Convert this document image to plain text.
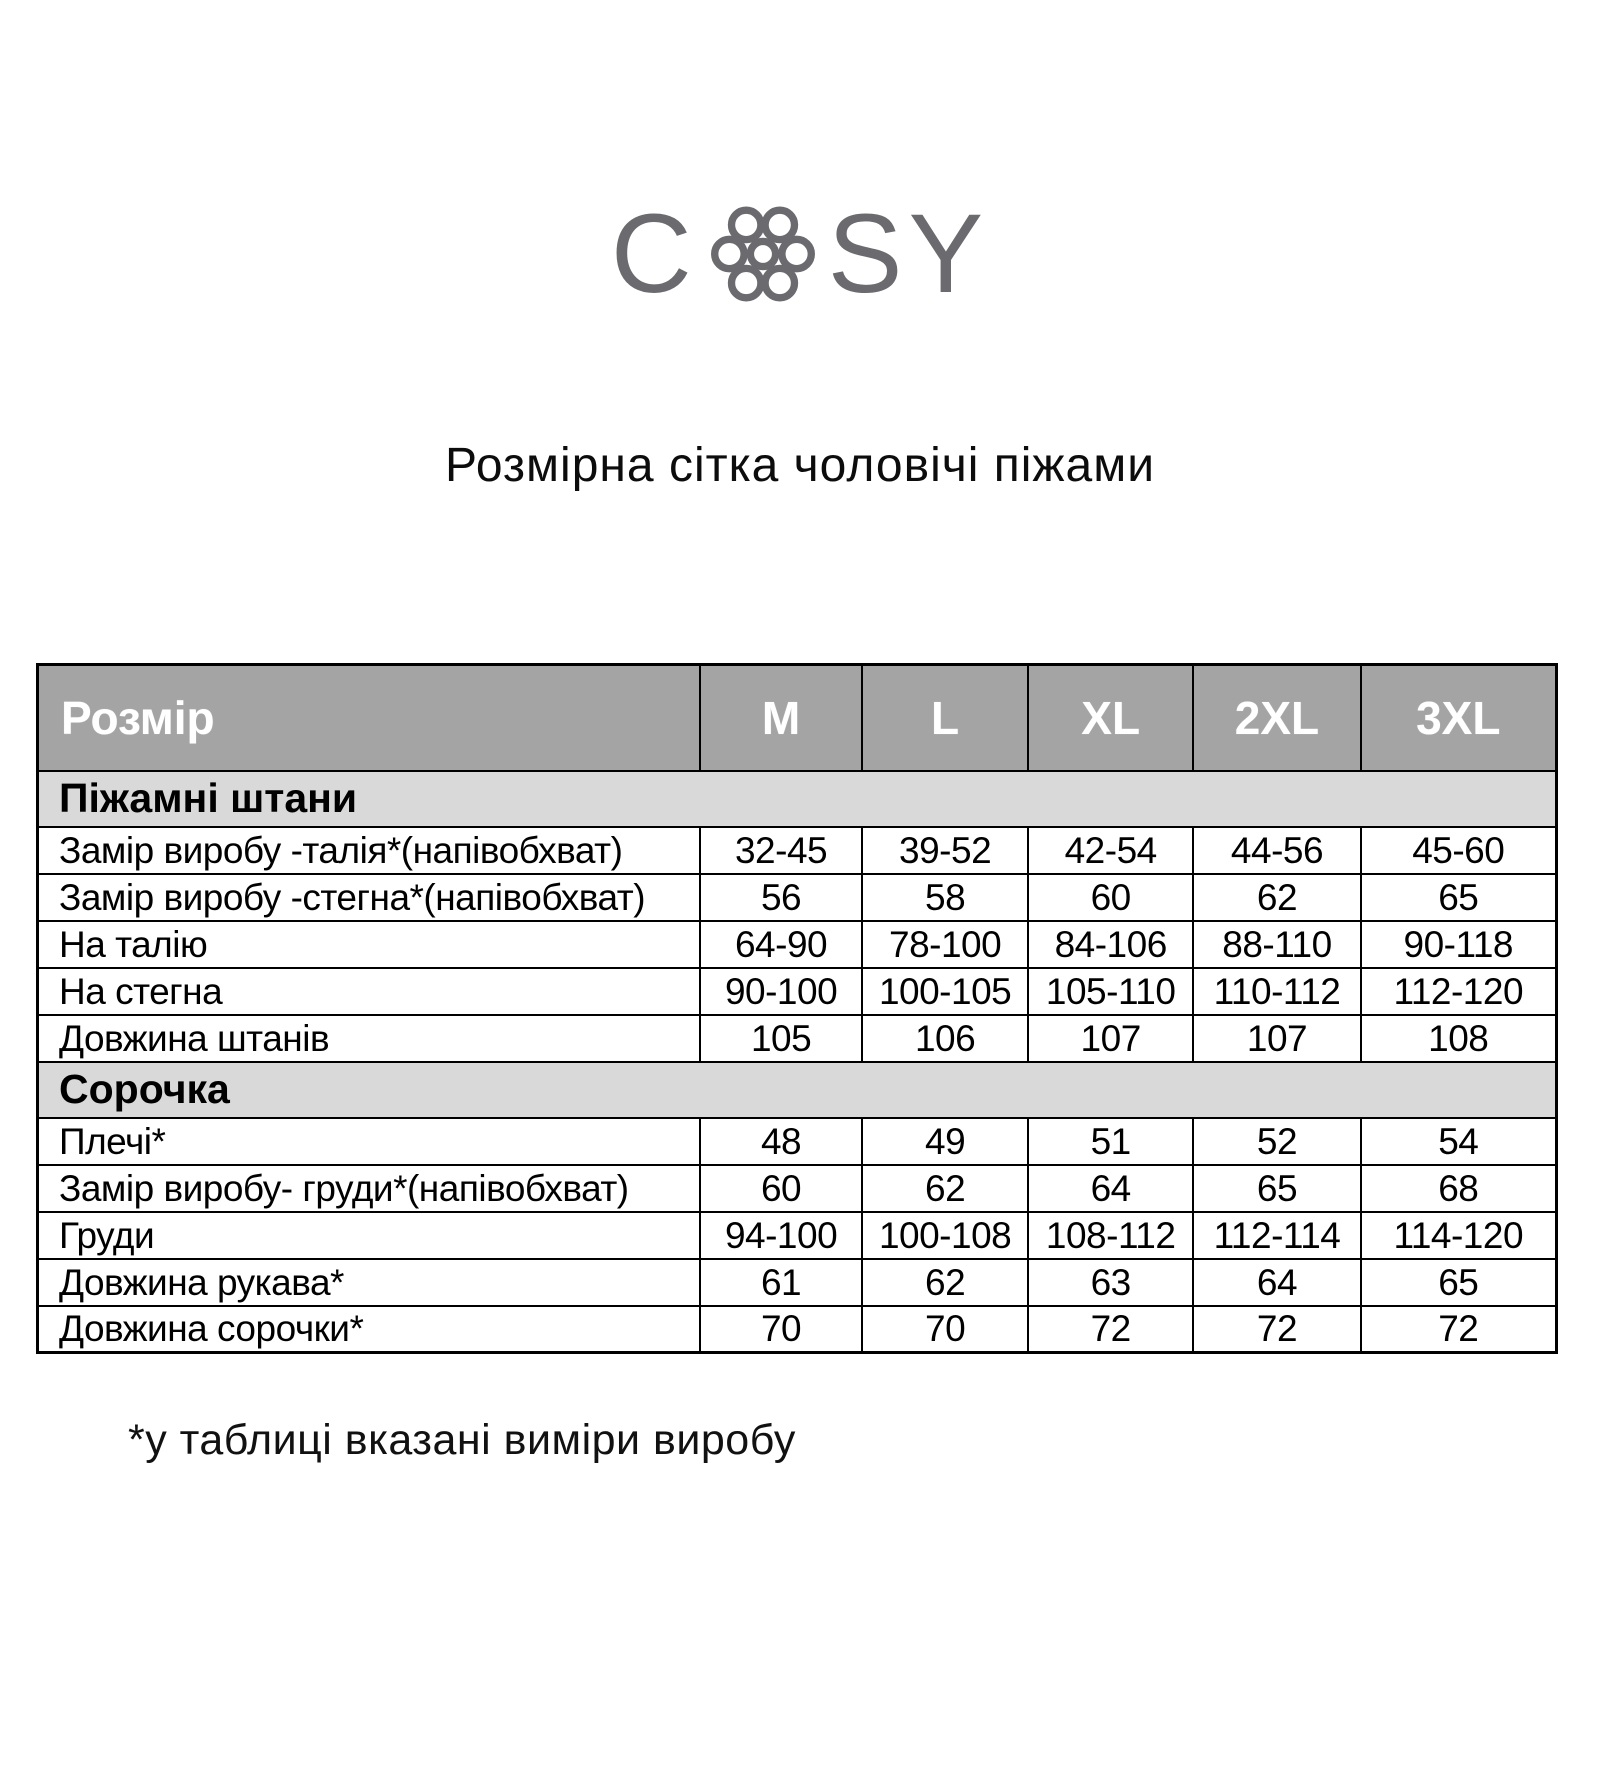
C SY
Розмірна сітка чоловічі піжами
Розмір	M	L	XL	2XL	3XL
Піжамні штани					
Замір виробу -талія*(напівобхват)	32-45	39-52	42-54	44-56	45-60
Замір виробу -стегна*(напівобхват)	56	58	60	62	65
На талію	64-90	78-100	84-106	88-110	90-118
На стегна	90-100	100-105	105-110	110-112	112-120
Довжина штанів	105	106	107	107	108
Сорочка					
Плечі*	48	49	51	52	54
Замір виробу- груди*(напівобхват)	60	62	64	65	68
Груди	94-100	100-108	108-112	112-114	114-120
Довжина рукава*	61	62	63	64	65
Довжина сорочки*	70	70	72	72	72
*у таблиці вказані виміри виробу
